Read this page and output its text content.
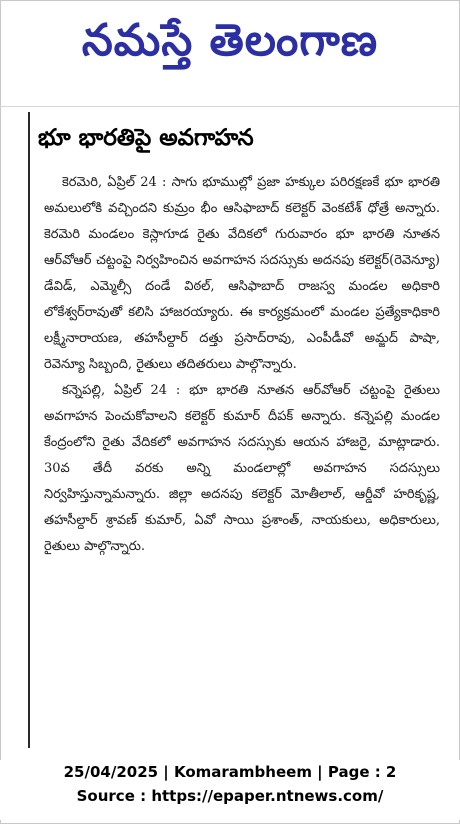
నమస్తే తెలంగాణ
భూ భారతిపై అవగాహన

కెరమెరి, ఏప్రిల్ 24 : సాగు భూముల్లో ప్రజా హక్కుల పరిరక్షణకే భూ భారతి అమలులోకి వచ్చిందని కుమ్రం భీం ఆసిఫాబాద్ కలెక్టర్ వెంకటేశ్ ధోత్రే అన్నారు. కెరమెరి మండలం కెస్లాగూడ రైతు వేదికలో గురువారం భూ భారతి నూతన ఆర్‌వోఆర్ చట్టంపై నిర్వహించిన అవగాహన సదస్సుకు అదనపు కలెక్టర్(రెవెన్యూ) డేవిడ్, ఎమ్మెల్సీ దండే విఠల్, ఆసిఫాబాద్ రాజస్వ మండల అధికారి లోకేశ్వర్‌రావుతో కలిసి హాజరయ్యారు. ఈ కార్యక్రమంలో మండల ప్రత్యేకాధికారి లక్ష్మీనారాయణ, తహసీల్దార్ దత్తు ప్రసాద్‌రావు, ఎంపీడీవో అమ్జద్ పాషా, రెవెన్యూ సిబ్బంది, రైతులు తదితరులు పాల్గొన్నారు.

కన్నెపల్లి, ఏప్రిల్ 24 : భూ భారతి నూతన ఆర్‌వోఆర్ చట్టంపై రైతులు అవగాహన పెంచుకోవాలని కలెక్టర్ కుమార్ దీపక్ అన్నారు. కన్నెపల్లి మండల కేంద్రంలోని రైతు వేదికలో అవగాహన సదస్సుకు ఆయన హాజరై, మాట్లాడారు. 30వ తేదీ వరకు అన్ని మండలాల్లో అవగాహన సదస్సులు నిర్వహిస్తున్నామన్నారు. జిల్లా అదనపు కలెక్టర్ మోతీలాల్, ఆర్డీవో హరికృష్ణ, తహసీల్దార్ శ్రావణ్ కుమార్, ఏవో సాయి ప్రశాంత్, నాయకులు, అధికారులు, రైతులు పాల్గొన్నారు.

25/04/2025 | Komarambheem | Page : 2
Source : https://epaper.ntnews.com/
